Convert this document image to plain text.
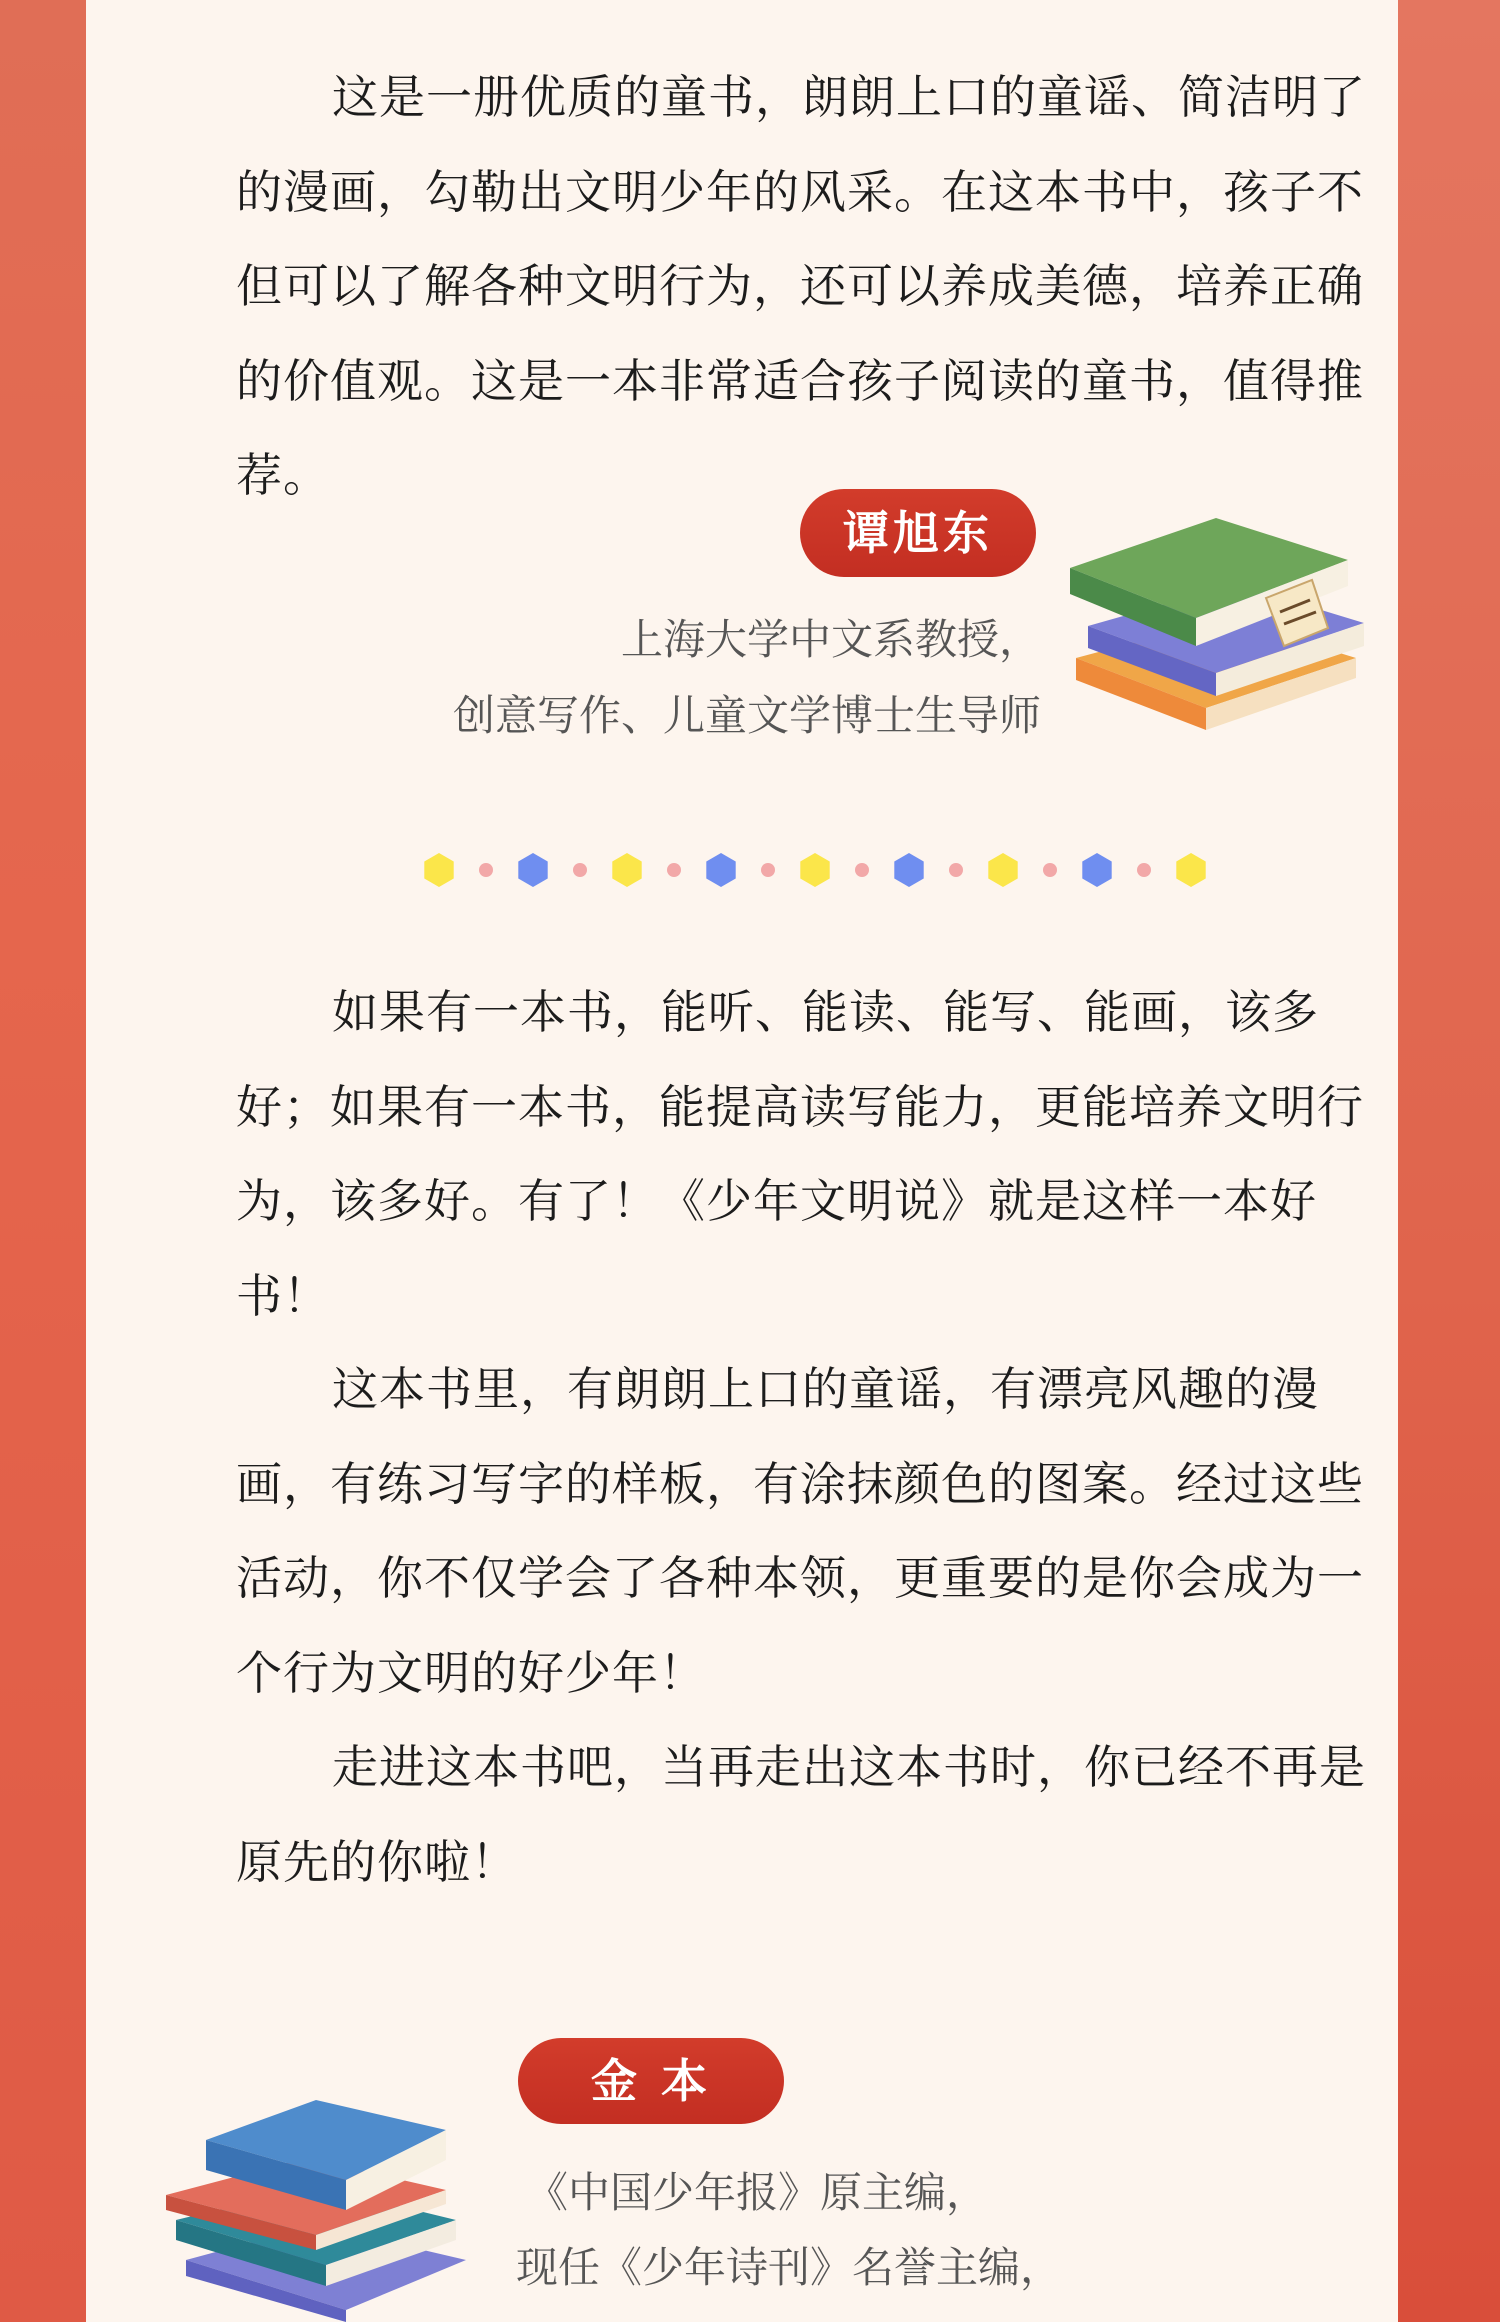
这是一册优质的童书，朗朗上口的童谣、简洁明了的漫画，勾勒出文明少年的风采。在这本书中，孩子不但可以了解各种文明行为，还可以养成美德，培养正确的价值观。这是一本非常适合孩子阅读的童书，值得推荐。

谭旭东

上海大学中文系教授，

创意写作、儿童文学博士生导师

如果有一本书，能听、能读、能写、能画，该多好；如果有一本书，能提高读写能力，更能培养文明行为，该多好。有了！《少年文明说》就是这样一本好书！

这本书里，有朗朗上口的童谣，有漂亮风趣的漫画，有练习写字的样板，有涂抹颜色的图案。经过这些活动，你不仅学会了各种本领，更重要的是你会成为一个行为文明的好少年！

走进这本书吧，当再走出这本书时，你已经不再是原先的你啦！

金 本

《中国少年报》原主编，

现任《少年诗刊》名誉主编，
